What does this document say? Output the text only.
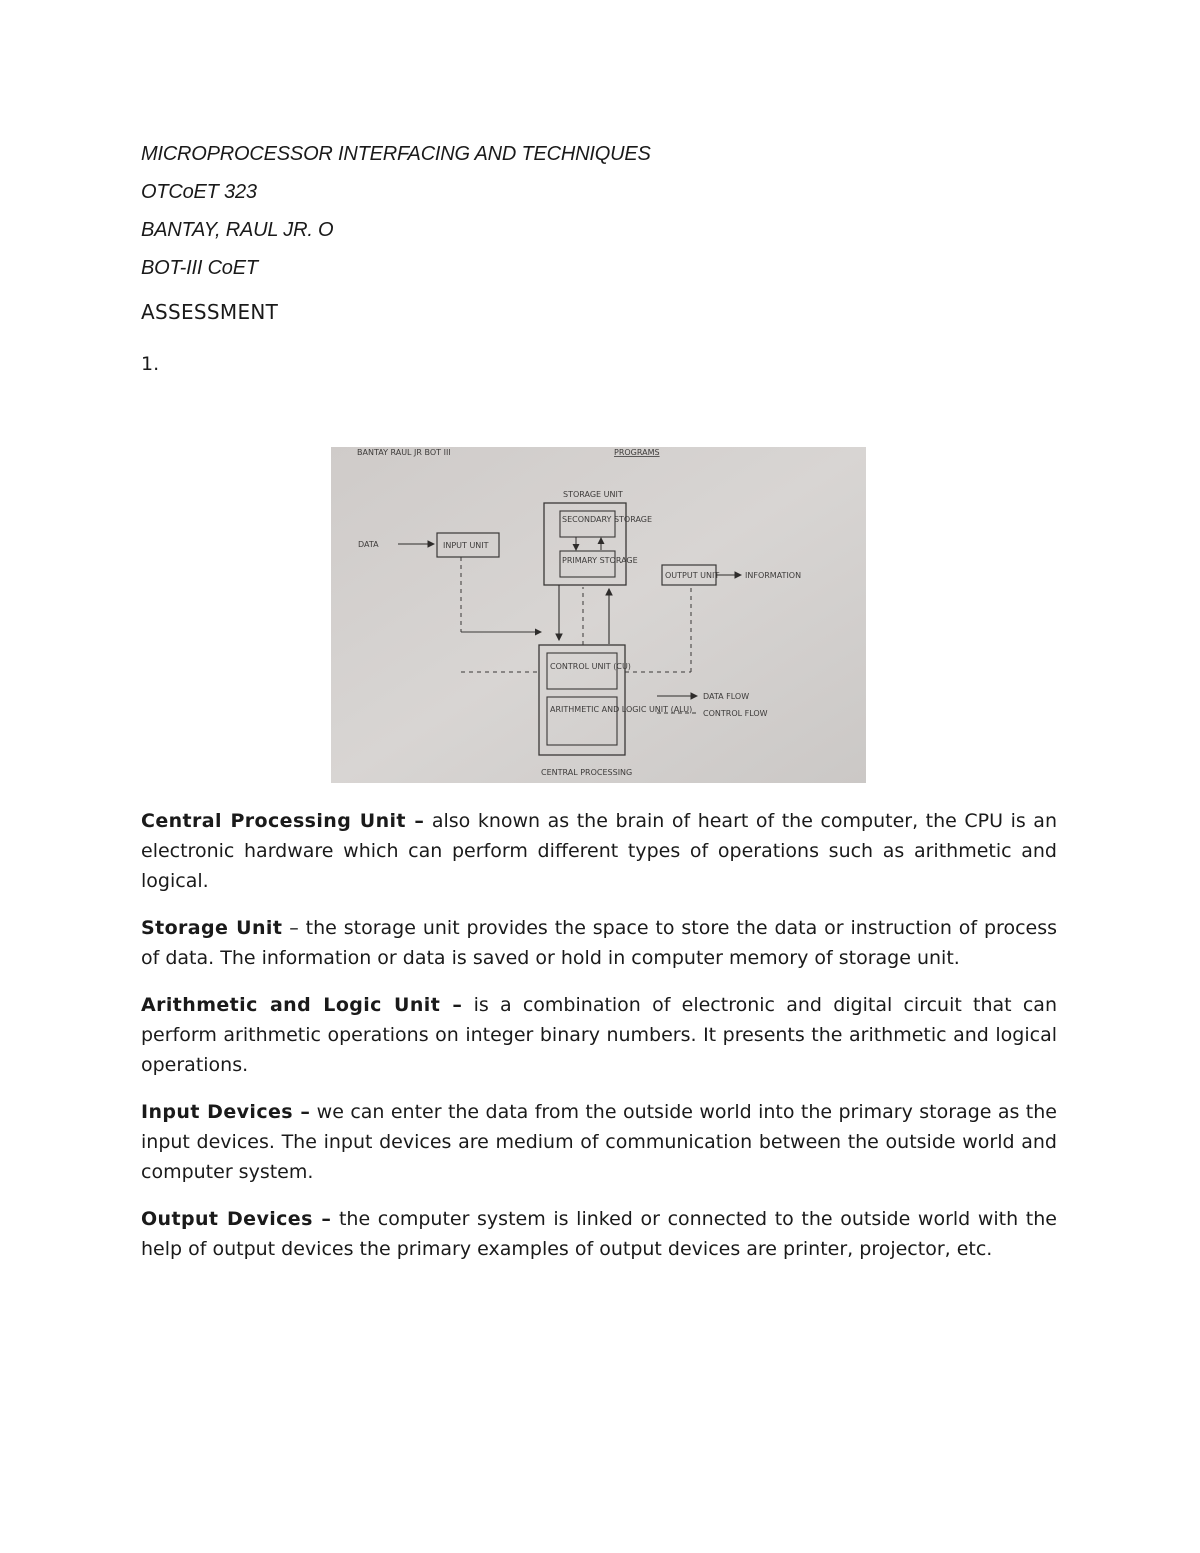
MICROPROCESSOR INTERFACING AND TECHNIQUES

OTCoET 323

BANTAY, RAUL JR. O

BOT-III CoET

ASSESSMENT
1.
BANTAY RAUL JR BOT III	PROGRAMS
STORAGE UNIT
SECONDARY STORAGE
PRIMARY STORAGE
DATA	INPUT UNIT
OUTPUT UNIT	INFORMATION
CONTROL UNIT (CU)
ARITHMETIC AND LOGIC UNIT (ALU)
DATA FLOW
CONTROL FLOW
CENTRAL PROCESSING

Central Processing Unit – also known as the brain of heart of the computer, the CPU is an electronic hardware which can perform different types of operations such as arithmetic and logical.

Storage Unit – the storage unit provides the space to store the data or instruction of process of data. The information or data is saved or hold in computer memory of storage unit.

Arithmetic and Logic Unit – is a combination of electronic and digital circuit that can perform arithmetic operations on integer binary numbers. It presents the arithmetic and logical operations.

Input Devices – we can enter the data from the outside world into the primary storage as the input devices. The input devices are medium of communication between the outside world and computer system.

Output Devices – the computer system is linked or connected to the outside world with the help of output devices the primary examples of output devices are printer, projector, etc.
